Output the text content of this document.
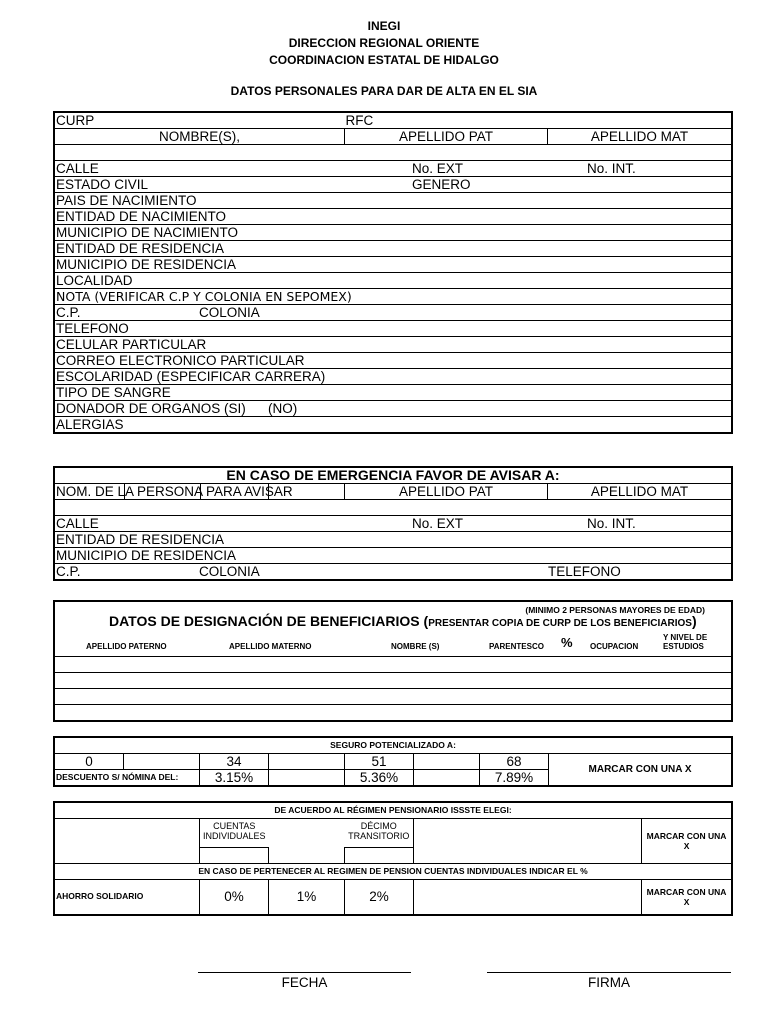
INEGI
DIRECCION REGIONAL ORIENTE
COORDINACION ESTATAL DE HIDALGO
DATOS PERSONALES PARA DAR DE ALTA EN EL SIA
CURP	RFC	
NOMBRE(S),	APELLIDO PAT	APELLIDO MAT

CALLE No. EXT No. INT.		
ESTADO CIVIL GENERO		
PAIS DE NACIMIENTO		
ENTIDAD DE NACIMIENTO		
MUNICIPIO DE NACIMIENTO		
ENTIDAD DE RESIDENCIA		
MUNICIPIO DE RESIDENCIA		
LOCALIDAD		
NOTA (VERIFICAR C.P Y COLONIA EN SEPOMEX)		
C.P. COLONIA		
TELEFONO		
CELULAR PARTICULAR		
CORREO ELECTRONICO PARTICULAR		
ESCOLARIDAD (ESPECIFICAR CARRERA)		
TIPO DE SANGRE		
DONADOR DE ORGANOS (SI) (NO)		
ALERGIAS		
EN CASO DE EMERGENCIA FAVOR DE AVISAR A:
NOM. DE LA PERSONA PARA AVISAR	APELLIDO PAT	APELLIDO MAT

CALLE	No. EXT	No. INT.
ENTIDAD DE RESIDENCIA
MUNICIPIO DE RESIDENCIA
C.P.	COLONIA	TELEFONO
(MINIMO 2 PERSONAS MAYORES DE EDAD)
DATOS DE DESIGNACIÓN DE BENEFICIARIOS (PRESENTAR COPIA DE CURP DE LOS BENEFICIARIOS)
APELLIDO PATERNO	APELLIDO MATERNO	NOMBRE (S)	PARENTESCO % OCUPACION
Y NIVEL DE ESTUDIOS

SEGURO POTENCIALIZADO A:							
0		34		51		68	MARCAR CON UNA X
DESCUENTO S/ NÓMINA DEL:		3.15%		5.36%		7.89%	
DE ACUERDO AL RÉGIMEN PENSIONARIO ISSSTE ELEGI:					
	CUENTAS INDIVIDUALES		DÉCIMO TRANSITORIO		MARCAR CON UNA X

EN CASO DE PERTENECER AL REGIMEN DE PENSION CUENTAS INDIVIDUALES INDICAR EL %					
AHORRO SOLIDARIO	0%	1%	2%		MARCAR CON UNA X
FECHA	FIRMA
